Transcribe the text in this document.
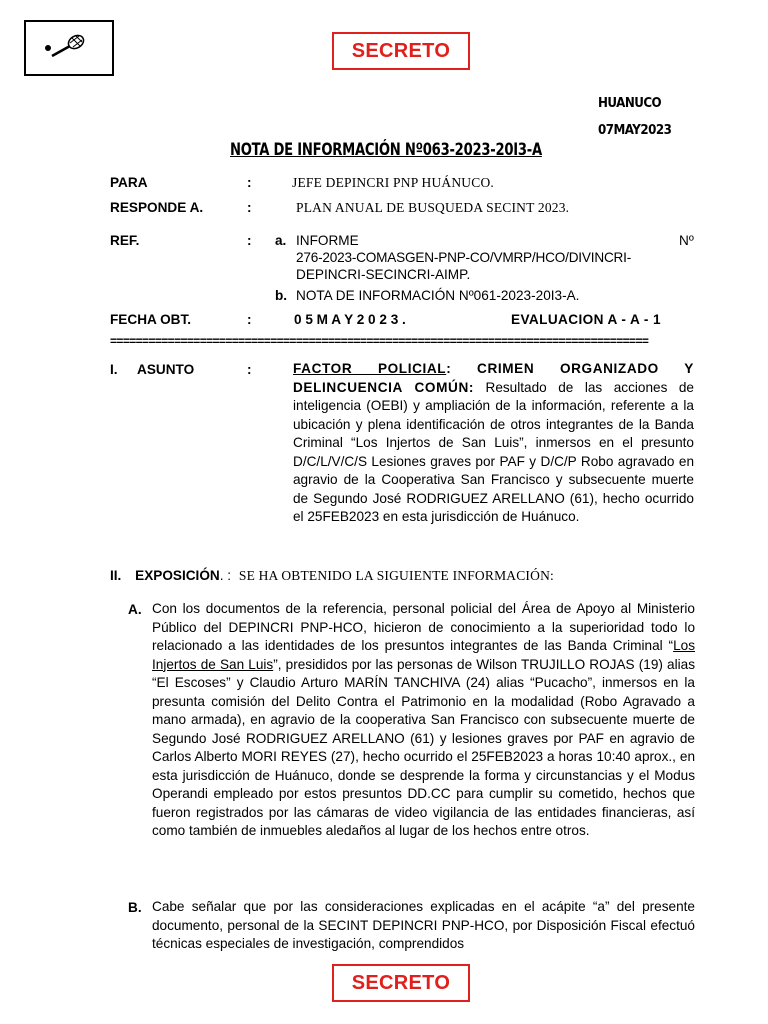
SECRETO
SECRETO
HUANUCO
07MAY2023
NOTA DE INFORMACIÓN Nº063-2023-20I3-A
PARA	:	JEFE DEPINCRI PNP HUÁNUCO.
RESPONDE A.	:	PLAN ANUAL DE BUSQUEDA SECINT 2023.
REF.	: a. INFORME	Nº
276-2023-COMASGEN-PNP-CO/VMRP/HCO/DIVINCRI-
DEPINCRI-SECINCRI-AIMP.
b. NOTA DE INFORMACIÓN Nº061-2023-20I3-A.
FECHA OBT.	:	0 5 M A Y 2 0 2 3 .	EVALUACION A - A - 1
====================================================================================
I. ASUNTO	:	FACTOR POLICIAL: CRIMEN ORGANIZADO Y DELINCUENCIA COMÚN: Resultado de las acciones de inteligencia (OEBI) y ampliación de la información, referente a la ubicación y plena identificación de otros integrantes de la Banda Criminal “Los Injertos de San Luis”, inmersos en el presunto D/C/L/V/C/S Lesiones graves por PAF y D/C/P Robo agravado en agravio de la Cooperativa San Francisco y subsecuente muerte de Segundo José RODRIGUEZ ARELLANO (61), hecho ocurrido el 25FEB2023 en esta jurisdicción de Huánuco.
II. EXPOSICIÓN. : SE HA OBTENIDO LA SIGUIENTE INFORMACIÓN:
A. Con los documentos de la referencia, personal policial del Área de Apoyo al Ministerio Público del DEPINCRI PNP-HCO, hicieron de conocimiento a la superioridad todo lo relacionado a las identidades de los presuntos integrantes de las Banda Criminal “Los Injertos de San Luis”, presididos por las personas de Wilson TRUJILLO ROJAS (19) alias “El Escoses” y Claudio Arturo MARÍN TANCHIVA (24) alias “Pucacho”, inmersos en la presunta comisión del Delito Contra el Patrimonio en la modalidad (Robo Agravado a mano armada), en agravio de la cooperativa San Francisco con subsecuente muerte de Segundo José RODRIGUEZ ARELLANO (61) y lesiones graves por PAF en agravio de Carlos Alberto MORI REYES (27), hecho ocurrido el 25FEB2023 a horas 10:40 aprox., en esta jurisdicción de Huánuco, donde se desprende la forma y circunstancias y el Modus Operandi empleado por estos presuntos DD.CC para cumplir su cometido, hechos que fueron registrados por las cámaras de video vigilancia de las entidades financieras, así como también de inmuebles aledaños al lugar de los hechos entre otros.
B. Cabe señalar que por las consideraciones explicadas en el acápite “a” del presente documento, personal de la SECINT DEPINCRI PNP-HCO, por Disposición Fiscal efectuó técnicas especiales de investigación, comprendidos
